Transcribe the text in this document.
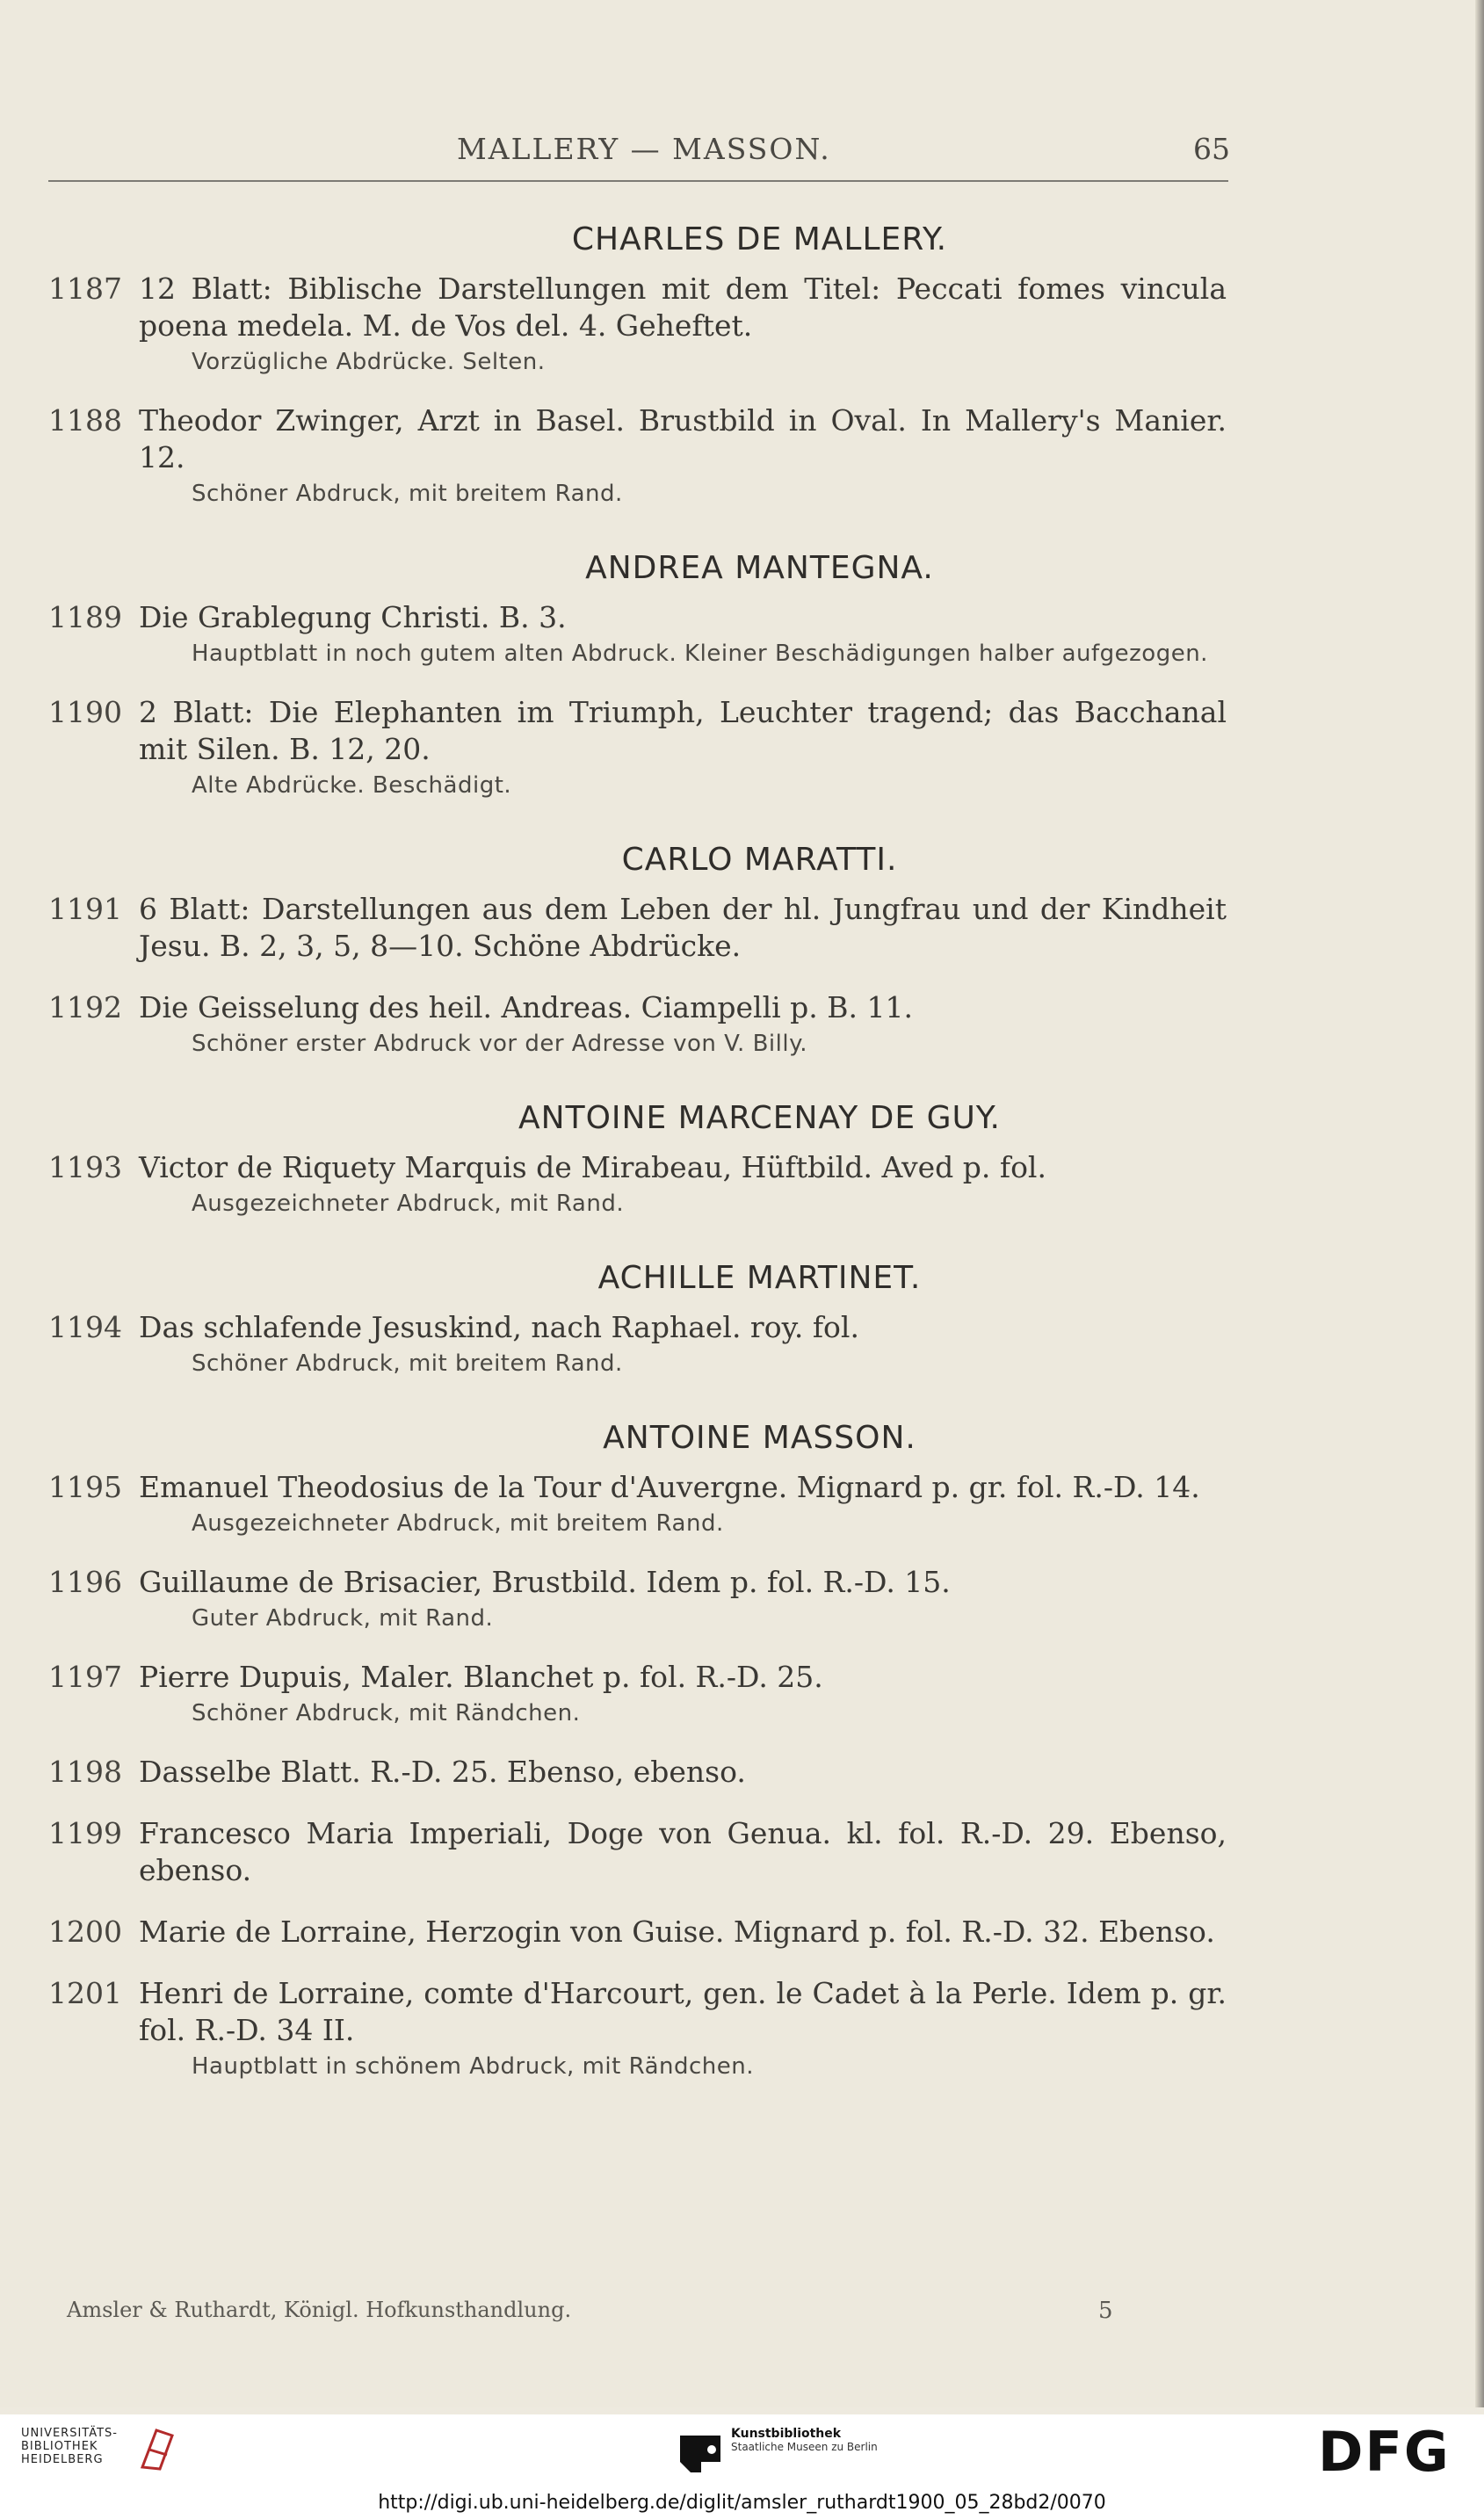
MALLERY — MASSON.	65
CHARLES DE MALLERY.
1187 12 Blatt: Biblische Darstellungen mit dem Titel: Peccati fomes vincula poena medela. M. de Vos del. 4. Geheftet.
Vorzügliche Abdrücke. Selten.
1188 Theodor Zwinger, Arzt in Basel. Brustbild in Oval. In Mallery's Manier. 12.
Schöner Abdruck, mit breitem Rand.
ANDREA MANTEGNA.
1189 Die Grablegung Christi. B. 3.
Hauptblatt in noch gutem alten Abdruck. Kleiner Beschädigungen halber aufgezogen.
1190 2 Blatt: Die Elephanten im Triumph, Leuchter tragend; das Bacchanal mit Silen. B. 12, 20.
Alte Abdrücke. Beschädigt.
CARLO MARATTI.
1191 6 Blatt: Darstellungen aus dem Leben der hl. Jungfrau und der Kindheit Jesu. B. 2, 3, 5, 8—10. Schöne Abdrücke.
1192 Die Geisselung des heil. Andreas. Ciampelli p. B. 11.
Schöner erster Abdruck vor der Adresse von V. Billy.
ANTOINE MARCENAY DE GUY.
1193 Victor de Riquety Marquis de Mirabeau, Hüftbild. Aved p. fol.
Ausgezeichneter Abdruck, mit Rand.
ACHILLE MARTINET.
1194 Das schlafende Jesuskind, nach Raphael. roy. fol.
Schöner Abdruck, mit breitem Rand.
ANTOINE MASSON.
1195 Emanuel Theodosius de la Tour d'Auvergne. Mignard p. gr. fol. R.-D. 14.
Ausgezeichneter Abdruck, mit breitem Rand.
1196 Guillaume de Brisacier, Brustbild. Idem p. fol. R.-D. 15.
Guter Abdruck, mit Rand.
1197 Pierre Dupuis, Maler. Blanchet p. fol. R.-D. 25.
Schöner Abdruck, mit Rändchen.
1198 Dasselbe Blatt. R.-D. 25. Ebenso, ebenso.
1199 Francesco Maria Imperiali, Doge von Genua. kl. fol. R.-D. 29. Ebenso, ebenso.
1200 Marie de Lorraine, Herzogin von Guise. Mignard p. fol. R.-D. 32. Ebenso.
1201 Henri de Lorraine, comte d'Harcourt, gen. le Cadet à la Perle. Idem p. gr. fol. R.-D. 34 II.
Hauptblatt in schönem Abdruck, mit Rändchen.
Amsler & Ruthardt, Königl. Hofkunsthandlung.	5
UNIVERSITÄTS-
BIBLIOTHEK
HEIDELBERG
Kunstbibliothek
Staatliche Museen zu Berlin	DFG
http://digi.ub.uni-heidelberg.de/diglit/amsler_ruthardt1900_05_28bd2/0070
